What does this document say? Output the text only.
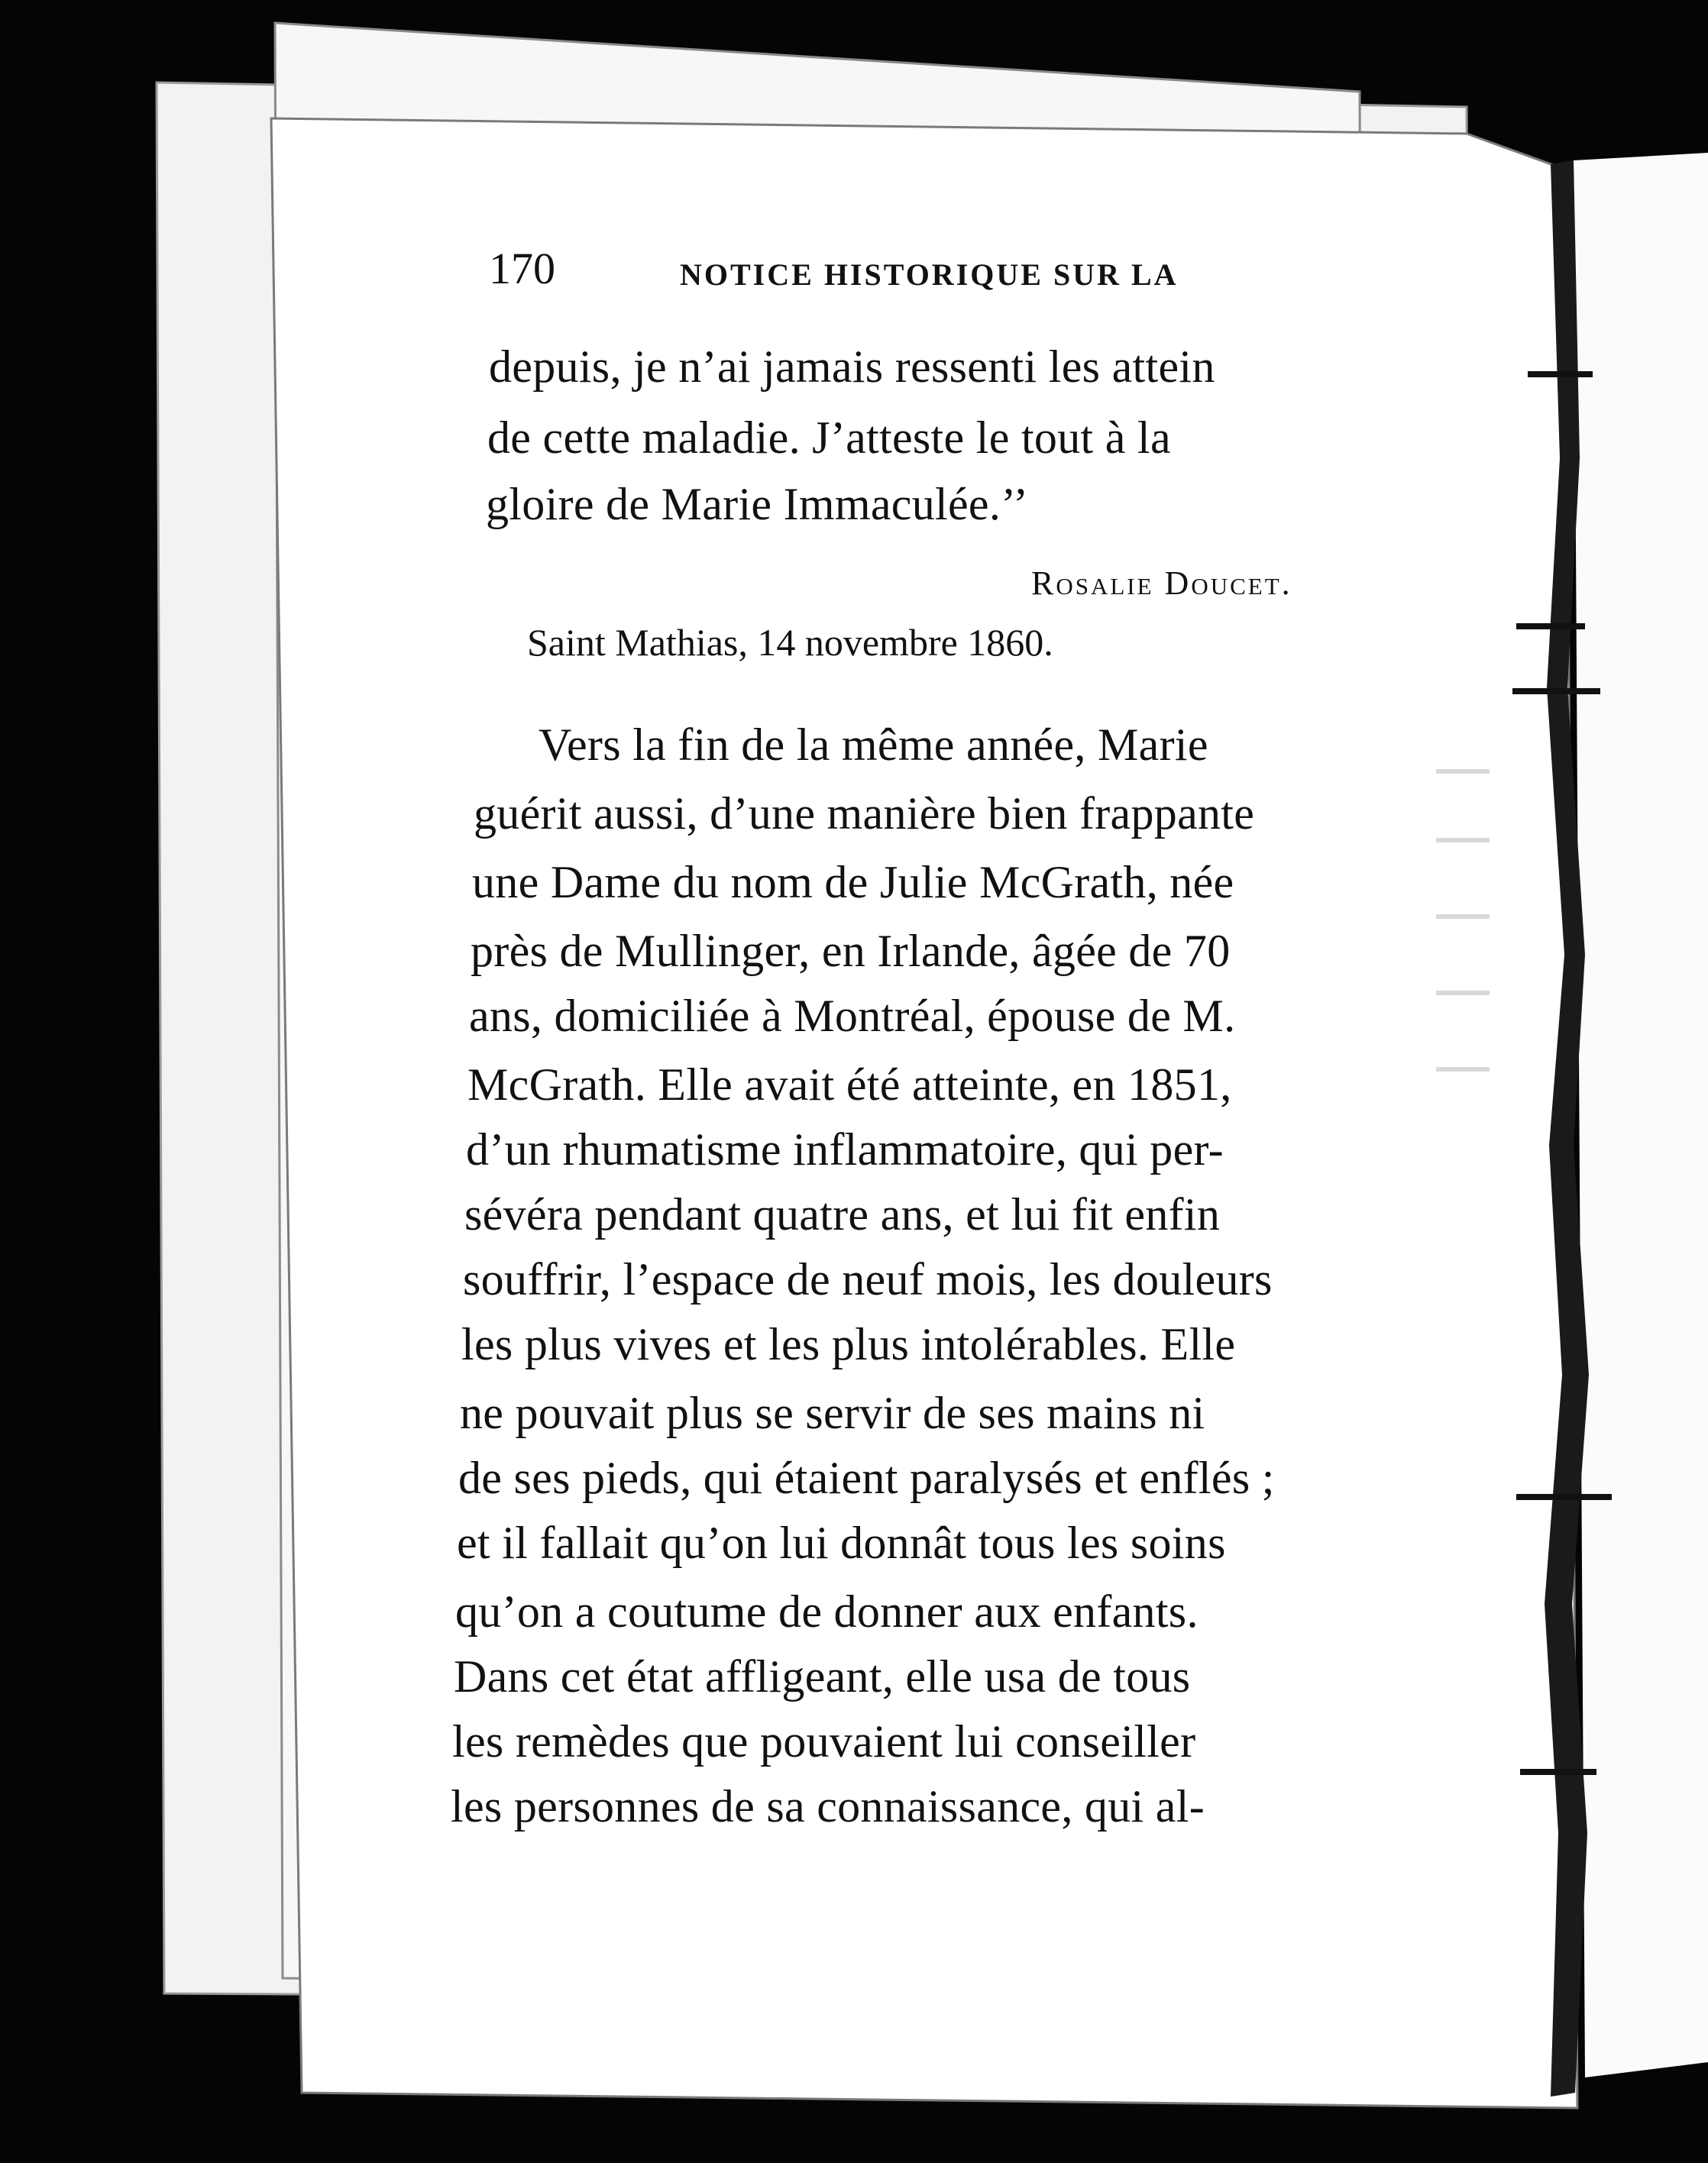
170	NOTICE HISTORIQUE SUR LA
depuis, je n’ai jamais ressenti les attein
de cette maladie. J’atteste le tout à la
gloire de Marie Immaculée.’’
Rosalie Doucet.
Saint Mathias, 14 novembre 1860.
Vers la fin de la même année, Marie
guérit aussi, d’une manière bien frappante
une Dame du nom de Julie McGrath, née
près de Mullinger, en Irlande, âgée de 70
ans, domiciliée à Montréal, épouse de M.
McGrath. Elle avait été atteinte, en 1851,
d’un rhumatisme inflammatoire, qui per-
sévéra pendant quatre ans, et lui fit enfin
souffrir, l’espace de neuf mois, les douleurs
les plus vives et les plus intolérables. Elle
ne pouvait plus se servir de ses mains ni
de ses pieds, qui étaient paralysés et enflés ;
et il fallait qu’on lui donnât tous les soins
qu’on a coutume de donner aux enfants.
Dans cet état affligeant, elle usa de tous
les remèdes que pouvaient lui conseiller
les personnes de sa connaissance, qui al-
